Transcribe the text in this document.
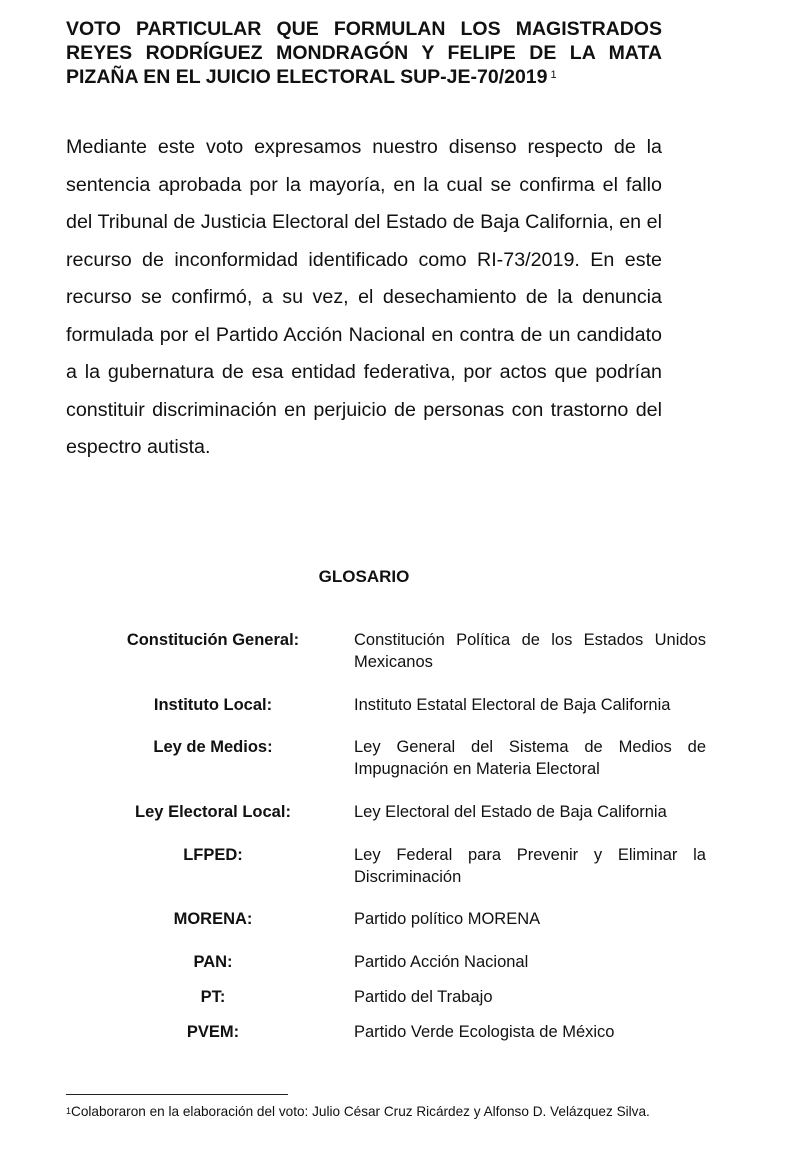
VOTO PARTICULAR QUE FORMULAN LOS MAGISTRADOS REYES RODRÍGUEZ MONDRAGÓN Y FELIPE DE LA MATA PIZAÑA EN EL JUICIO ELECTORAL SUP-JE-70/2019 $^1$

Mediante este voto expresamos nuestro disenso respecto de la sentencia aprobada por la mayoría, en la cual se confirma el fallo del Tribunal de Justicia Electoral del Estado de Baja California, en el recurso de inconformidad identificado como RI-73/2019. En este recurso se confirmó, a su vez, el desechamiento de la denuncia formulada por el Partido Acción Nacional en contra de un candidato a la gubernatura de esa entidad federativa, por actos que podrían constituir discriminación en perjuicio de personas con trastorno del espectro autista.

GLOSARIO
Constitución General:	Constitución Política de los Estados Unidos Mexicanos
Instituto Local:	Instituto Estatal Electoral de Baja California
Ley de Medios:	Ley General del Sistema de Medios de Impugnación en Materia Electoral
Ley Electoral Local:	Ley Electoral del Estado de Baja California
LFPED:	Ley Federal para Prevenir y Eliminar la Discriminación
MORENA:	Partido político MORENA
PAN:	Partido Acción Nacional
PT:	Partido del Trabajo
PVEM:	Partido Verde Ecologista de México

$^1$Colaboraron en la elaboración del voto: Julio César Cruz Ricárdez y Alfonso D. Velázquez Silva.
